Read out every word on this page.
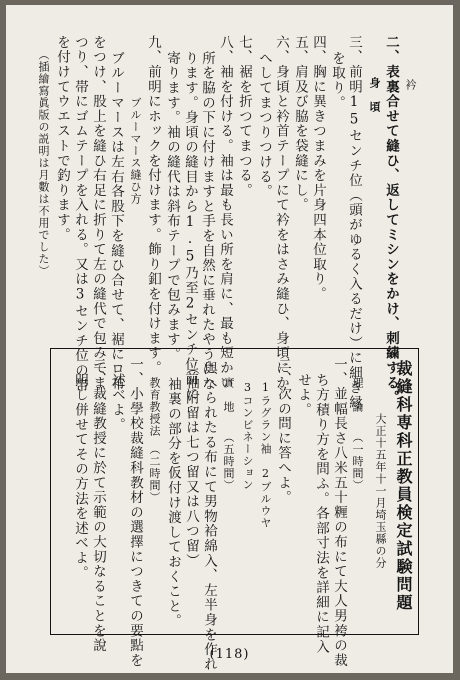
衿
二、表裏合せて縫ひ、返してミシンをかけ、刺繍する。
身　頃
三、前明15センチ位（頭がゆるく入るだけ）に細き縁
を取り。
四、胸に異きつまみを片身四本位取り。
五、肩及び脇を袋縫にし。
六、身頃と衿首テープにて衿をはさみ縫ひ、身頃にか
へしてまつりつける。
七、裾を折つてまつる。
八、袖を付ける。袖は最も長い所を肩に、最も短かい
所を脇の下に付けますと手を自然に垂れたやうにな
ります。身頃の縫目から1.5乃至2センチ位前に
寄ります。袖の縫代は斜布テープで包みます。
九、前明にホックを付けます。飾り釦を付けます。
ブルーマース縫ひ方
ブルーマースは左右各股下を縫ひ合せて、裾にロ布
をつけ、股上を縫ひ右足に折りて左の縫代で包みてま
つり、帯にゴムテープを入れる。又は3センチ位の帯
を付けてウエストで釣ります。
（插繪寫眞版の説明は月數は不用でした）
裁縫科専科正教員検定試験問題
大正十五年十一月埼玉縣の分
理　論　　（一時間）
一、並幅長さ八米五十糎の布にて大人男袴の裁
ち方積り方を問ふ。各部寸法を詳細に記入
せよ。
二、次の問に答へよ。
1ラグラン袖　2ブルウヤ
3コンビネーション
實　地　　（五時間）
與へられたる布にて男物袷綿入、左半身を作れ
（袖附留は七つ留又は八つ留）
袖裏の部分を仮付け渡しておくこと。
教育教授法　（二時間）
一、小學校裁縫科教材の選擇につきての要點を
述べよ。
二、裁縫教授に於て示範の大切なることを說
明し併せてその方法を述べよ。
(118)
